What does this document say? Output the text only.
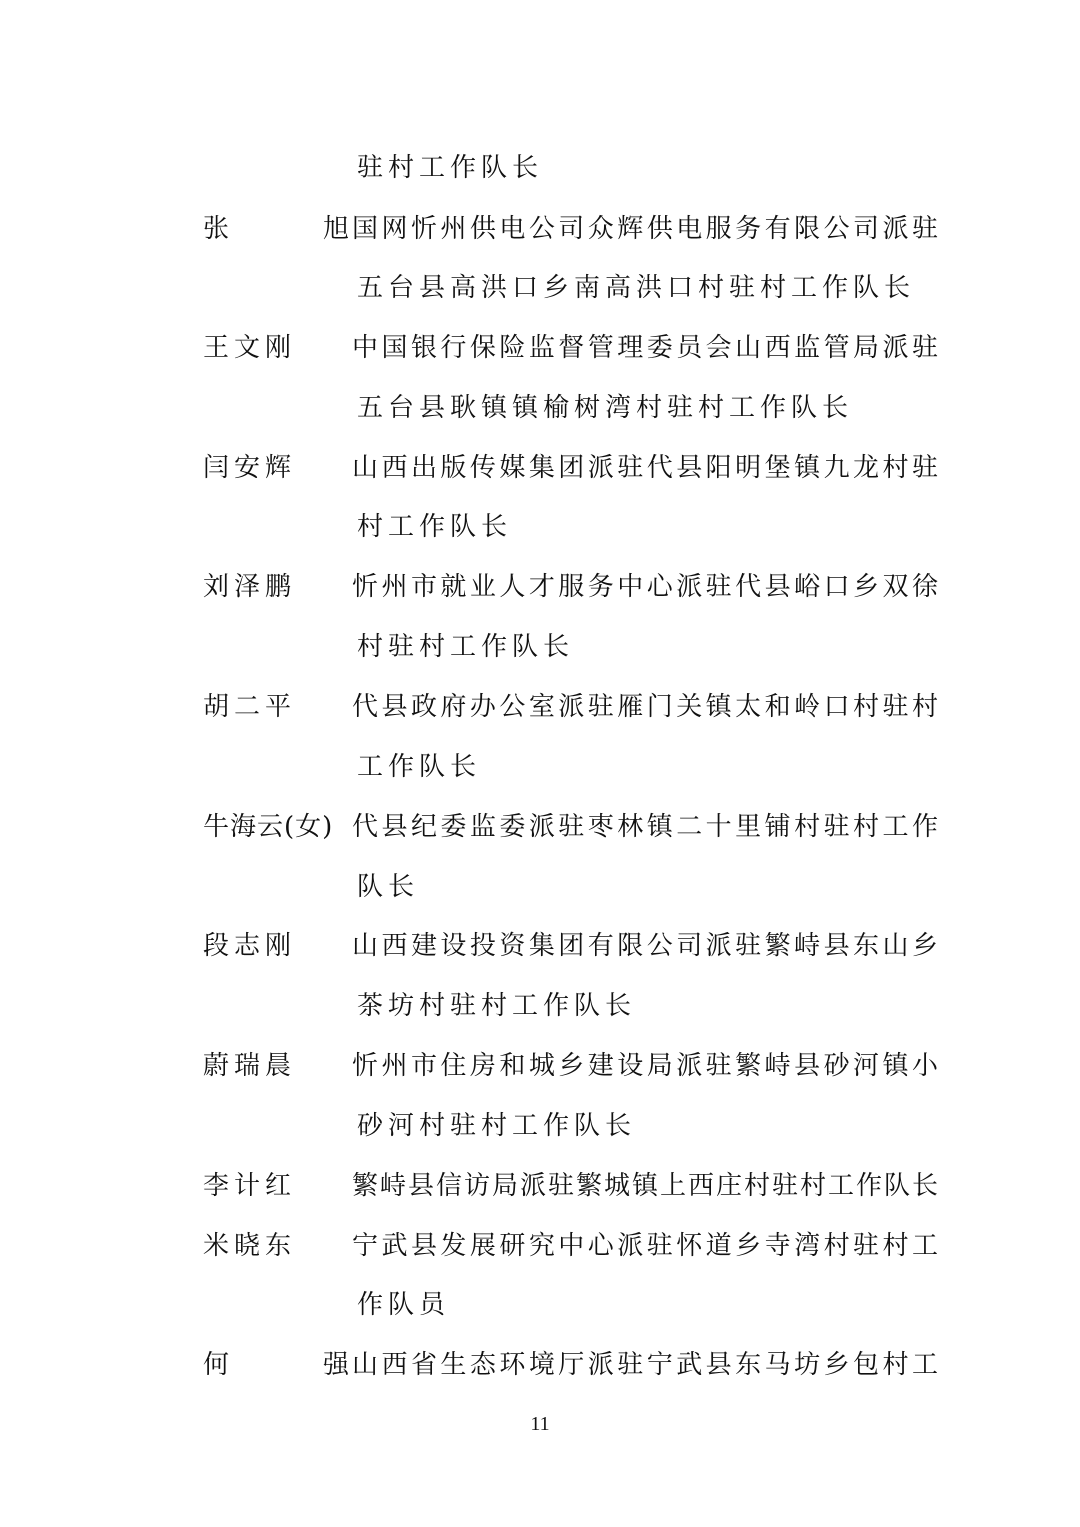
驻村工作队长
张　旭
国网忻州供电公司众辉供电服务有限公司派驻
五台县高洪口乡南高洪口村驻村工作队长
王文刚 中国银行保险监督管理委员会山西监管局派驻
五台县耿镇镇榆树湾村驻村工作队长
闫安辉 山西出版传媒集团派驻代县阳明堡镇九龙村驻
村工作队长
刘泽鹏 忻州市就业人才服务中心派驻代县峪口乡双徐
村驻村工作队长
胡二平 代县政府办公室派驻雁门关镇太和岭口村驻村
工作队长
牛海云(女) 代县纪委监委派驻枣林镇二十里铺村驻村工作
队长
段志刚 山西建设投资集团有限公司派驻繁峙县东山乡
茶坊村驻村工作队长
蔚瑞晨 忻州市住房和城乡建设局派驻繁峙县砂河镇小
砂河村驻村工作队长
李计红 繁峙县信访局派驻繁城镇上西庄村驻村工作队长
米晓东 宁武县发展研究中心派驻怀道乡寺湾村驻村工
作队员
何　强
山西省生态环境厅派驻宁武县东马坊乡包村工
11
